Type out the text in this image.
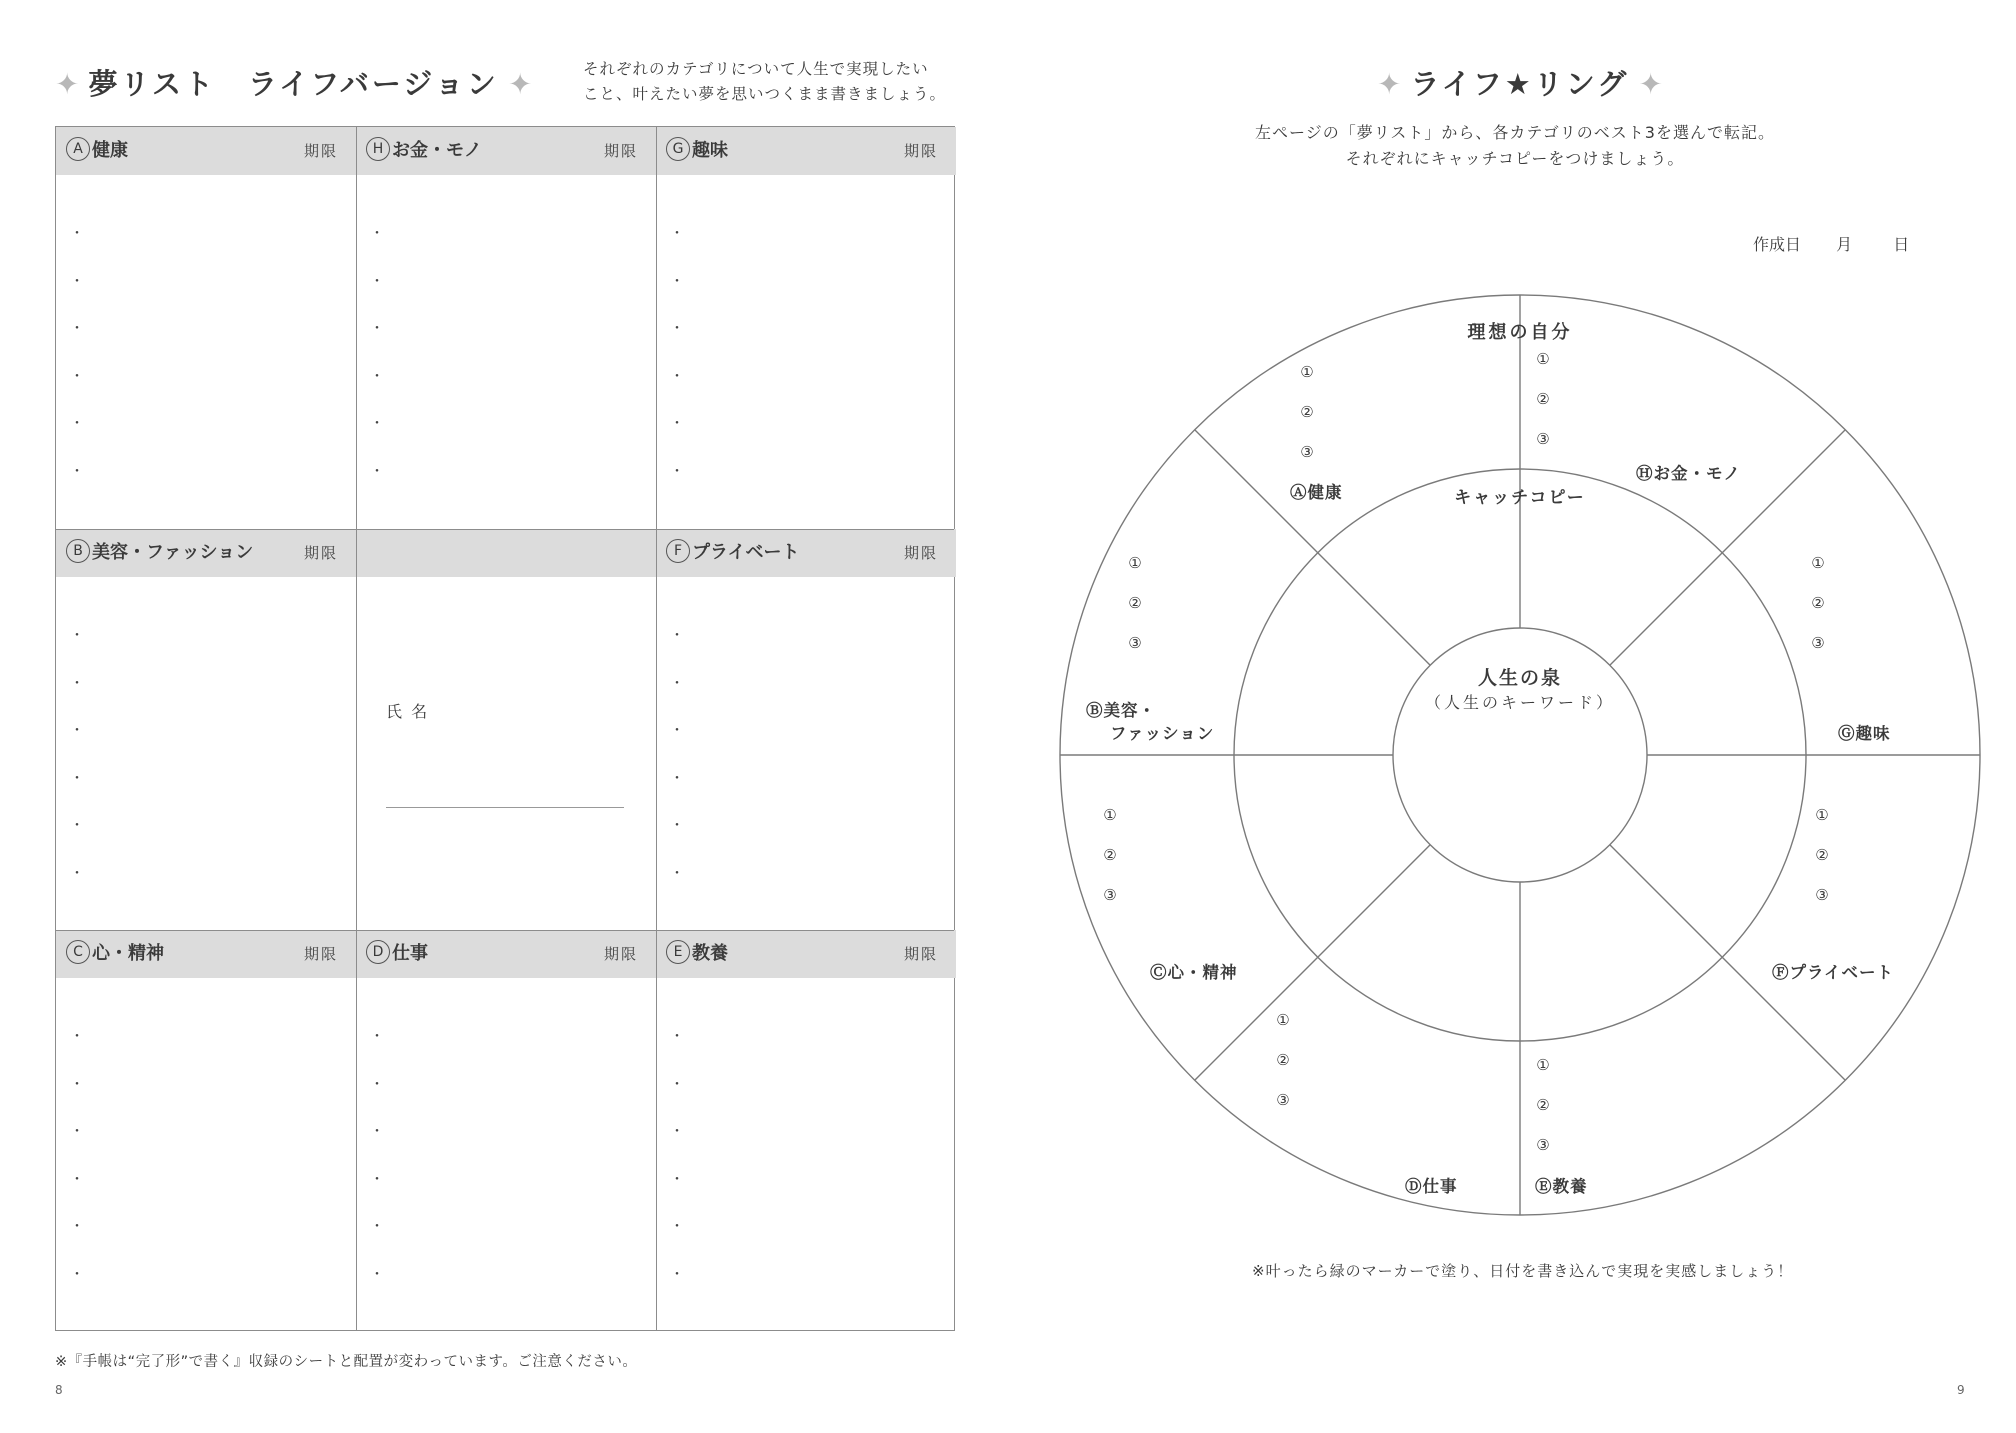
✦ 夢リスト　ライフバージョン ✦	それぞれのカテゴリについて人生で実現したい
こと、叶えたい夢を思いつくまま書きましょう。
A 健康	期限
・
・
・
・
・
・
H お金・モノ	期限
・
・
・
・
・
・
G 趣味	期限
・
・
・
・
・
・
B 美容・ファッション	期限
・
・
・
・
・
・
氏 名
F プライベート	期限
・
・
・
・
・
・
C 心・精神	期限
・
・
・
・
・
・
D 仕事	期限
・
・
・
・
・
・
E 教養	期限
・
・
・
・
・
・
※『手帳は“完了形”で書く』収録のシートと配置が変わっています。ご注意ください。
8
✦ ライフ★リング ✦
左ページの「夢リスト」から、各カテゴリのベスト3を選んで転記。
それぞれにキャッチコピーをつけましょう。
作成日 月	日
理想の自分
キャッチコピー
人生の泉
（人生のキーワード）
①
②
③
①
②
③
①
②
③
①
②
③
①
②
③
①
②
③
①
②
③
①
②
③
Ⓐ健康
Ⓗお金・モノ
Ⓑ美容・
ファッション	Ⓖ趣味
Ⓒ心・精神	Ⓕプライベート
Ⓓ仕事	Ⓔ教養
※叶ったら緑のマーカーで塗り、日付を書き込んで実現を実感しましょう！
9
